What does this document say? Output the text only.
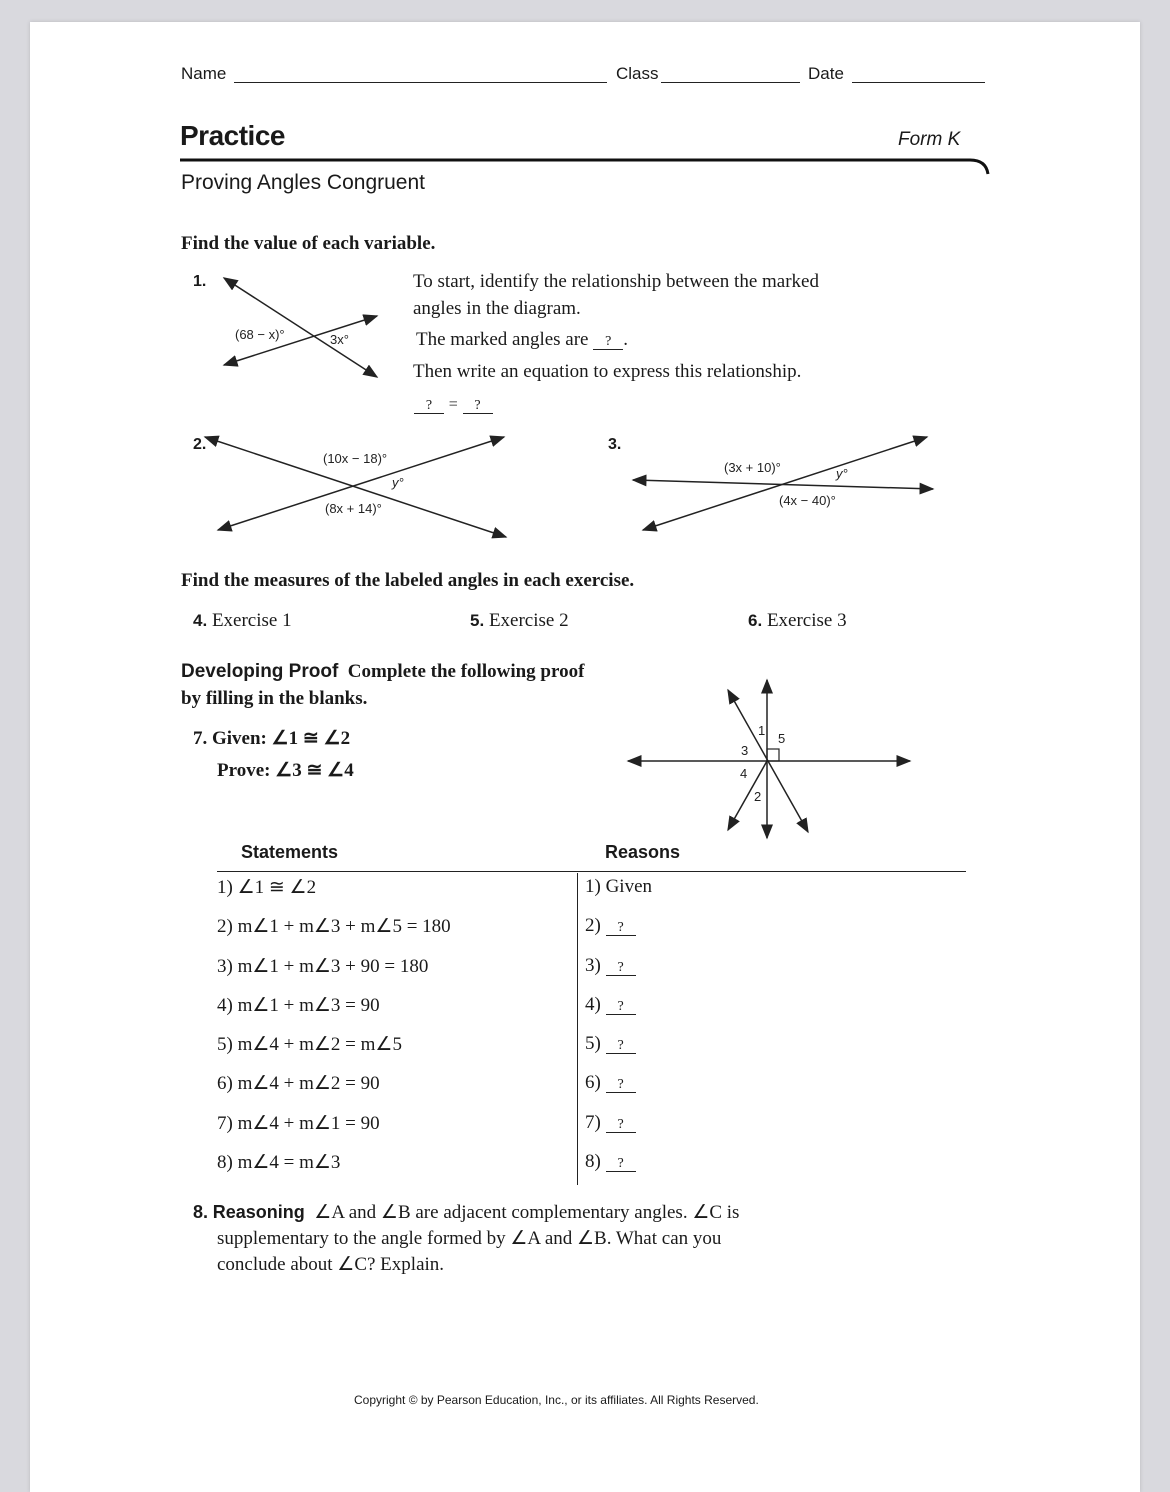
Name	Class	Date
Practice	Form K
Proving Angles Congruent
Find the value of each variable.
1.
(68 − x)°	3x°
To start, identify the relationship between the marked
angles in the diagram.
The marked angles are ? .
Then write an equation to express this relationship.
? = ?
2.
(10x − 18)°
y°
(8x + 14)°
3.
(3x + 10)°	y°
(4x − 40)°
Find the measures of the labeled angles in each exercise.
4. Exercise 1	5. Exercise 2	6. Exercise 3
Developing Proof Complete the following proof
by filling in the blanks.
7. Given: ∠1 ≅ ∠2
Prove: ∠3 ≅ ∠4
1
5
3
4
2
Statements	Reasons
1) ∠1 ≅ ∠2	1) Given
2) m∠1 + m∠3 + m∠5 = 180	2) ?
3) m∠1 + m∠3 + 90 = 180	3) ?
4) m∠1 + m∠3 = 90	4) ?
5) m∠4 + m∠2 = m∠5	5) ?
6) m∠4 + m∠2 = 90	6) ?
7) m∠4 + m∠1 = 90	7) ?
8) m∠4 = m∠3	8) ?
8. Reasoning ∠A and ∠B are adjacent complementary angles. ∠C is
supplementary to the angle formed by ∠A and ∠B. What can you
conclude about ∠C? Explain.
Copyright © by Pearson Education, Inc., or its affiliates. All Rights Reserved.
